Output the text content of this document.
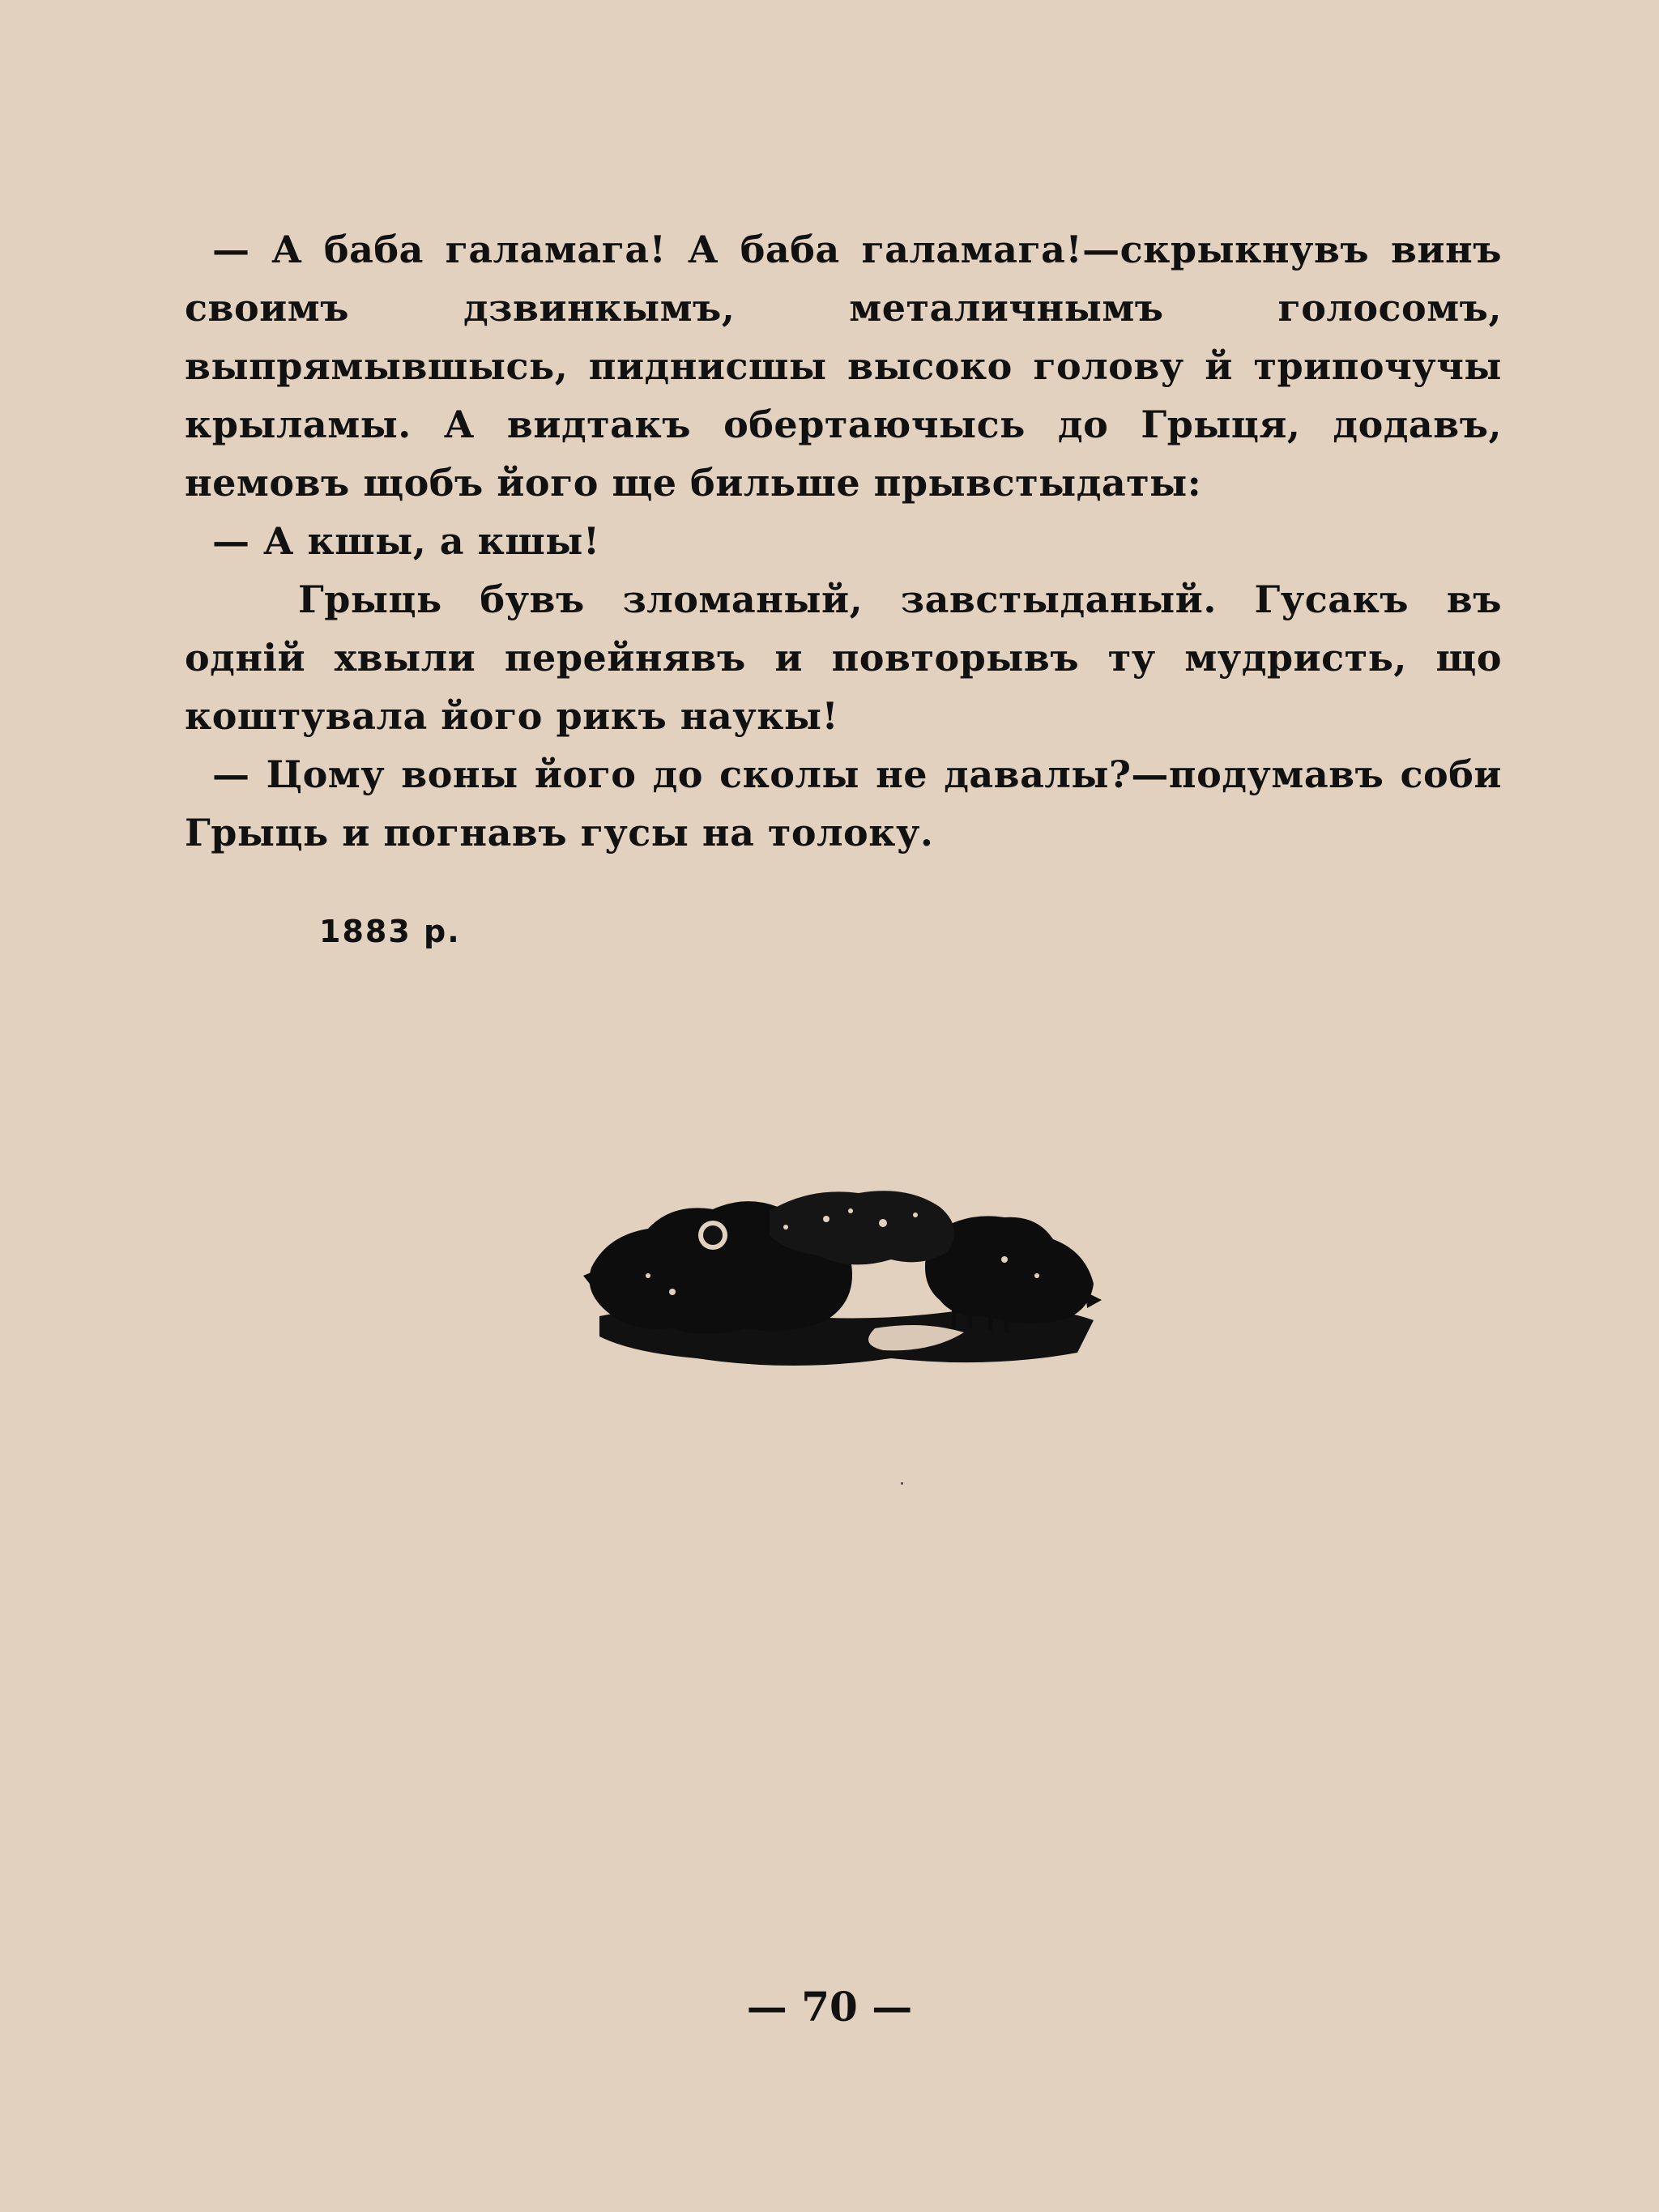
— А баба галамага! А баба галамага!—скрыкнувъ винъ своимъ дзвинкымъ, металичнымъ голосомъ, выпрямывшысь, пиднисшы высоко голову й трипочучы крыламы. А видтакъ обертаючысь до Грыця, додавъ, немовъ щобъ його ще бильше прывстыдаты:

— А кшы, а кшы!

Грыць бувъ зломаный, завстыданый. Гусакъ въ одній хвыли перейнявъ и повторывъ ту мудристь, що коштувала його рикъ наукы!

— Цому воны його до сколы не давалы?—подумавъ соби Грыць и погнавъ гусы на толоку.

1883 р.
— 70 —
